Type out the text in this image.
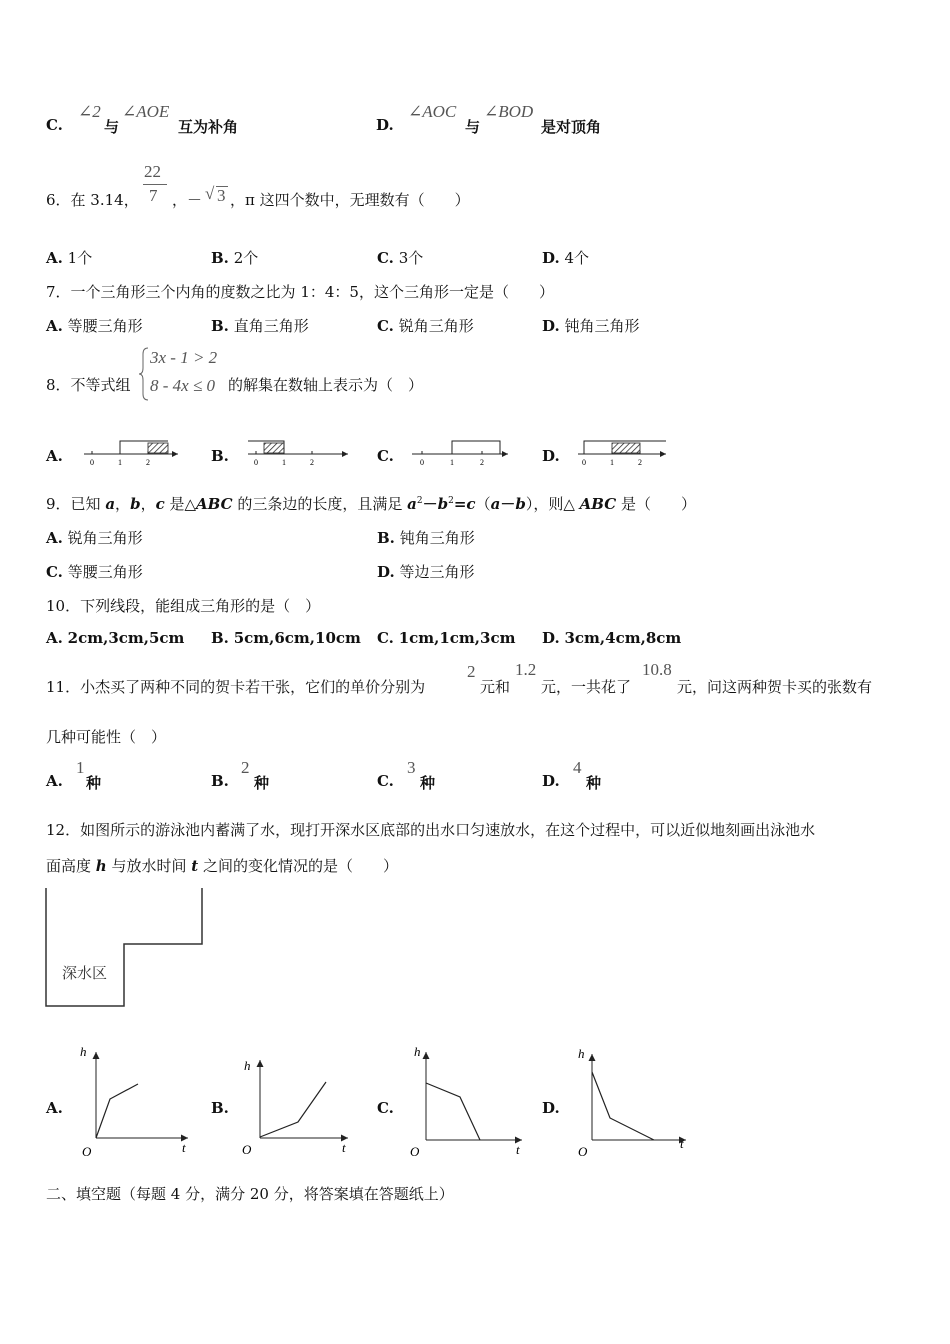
C.
∠2
与
∠AOE
互为补角	D.
∠AOC
与
∠BOD
是对顶角
6．在 3.14，
22
7 ，－ √ 3 ，π 这四个数中，无理数有（　　）
A. 1个	B. 2个	C. 3个	D. 4个
7．一个三角形三个内角的度数之比为 1：4：5，这个三角形一定是（　　）
A. 等腰三角形	B. 直角三角形	C. 锐角三角形	D. 钝角三角形
8．不等式组
3x - 1 > 2
8 - 4x ≤ 0 的解集在数轴上表示为（　）
A.	0	1	2	B.	0	1	2	C.	0	1	2	D.	0	1	2
9．已知 a，b，c 是△ABC 的三条边的长度，且满足 $a^2-b^2=c(a-b)$，则△ ABC 是（　　）
A. 锐角三角形	B. 钝角三角形
C. 等腰三角形	D. 等边三角形
10．下列线段，能组成三角形的是（　）
A. 2cm,3cm,5cm B. 5cm,6cm,10cm C. 1cm,1cm,3cm D. 3cm,4cm,8cm
11．小杰买了两种不同的贺卡若干张，它们的单价分别为
2
元和
1.2
元，一共花了
10.8
元，问这两种贺卡买的张数有
几种可能性（　）
A.
1
种	B.
2
种	C.
3
种	D.
4
种
12．如图所示的游泳池内蓄满了水，现打开深水区底部的出水口匀速放水，在这个过程中，可以近似地刻画出泳池水
面高度 h 与放水时间 t 之间的变化情况的是（　　）
深水区
A.
h
t
O
B.
h
t
O
C.
h
t
O
D.
h
t
O
二、填空题（每题 4 分，满分 20 分，将答案填在答题纸上）
